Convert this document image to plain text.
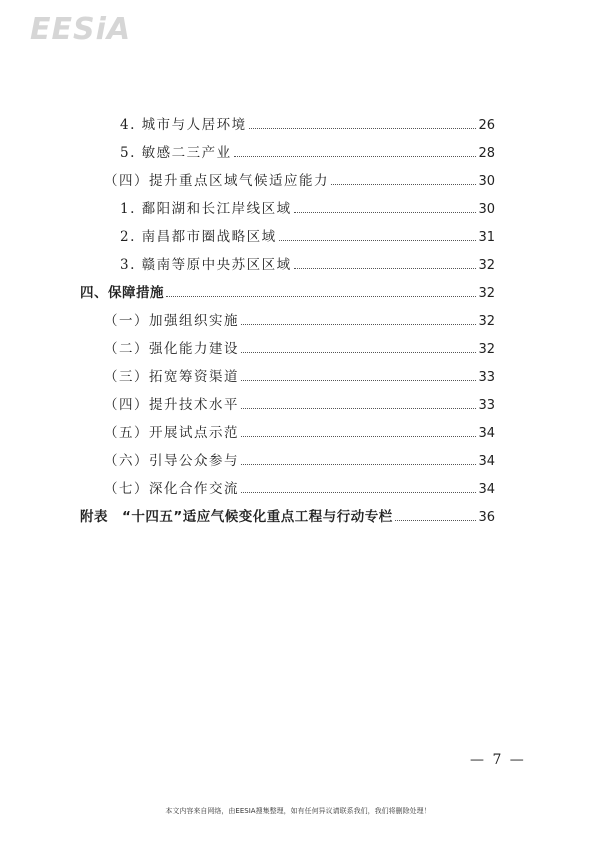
EESiA
4. 城市与人居环境	26
5. 敏感二三产业	28
（四）提升重点区域气候适应能力	30
1. 鄱阳湖和长江岸线区域	30
2. 南昌都市圈战略区域	31
3. 赣南等原中央苏区区域	32
四、保障措施	32
（一）加强组织实施	32
（二）强化能力建设	32
（三）拓宽筹资渠道	33
（四）提升技术水平	33
（五）开展试点示范	34
（六）引导公众参与	34
（七）深化合作交流	34
附表　“十四五”适应气候变化重点工程与行动专栏	36
— 7 —
本文内容来自网络，由EESIA搜集整理，如有任何异议请联系我们，我们将删除处理！
